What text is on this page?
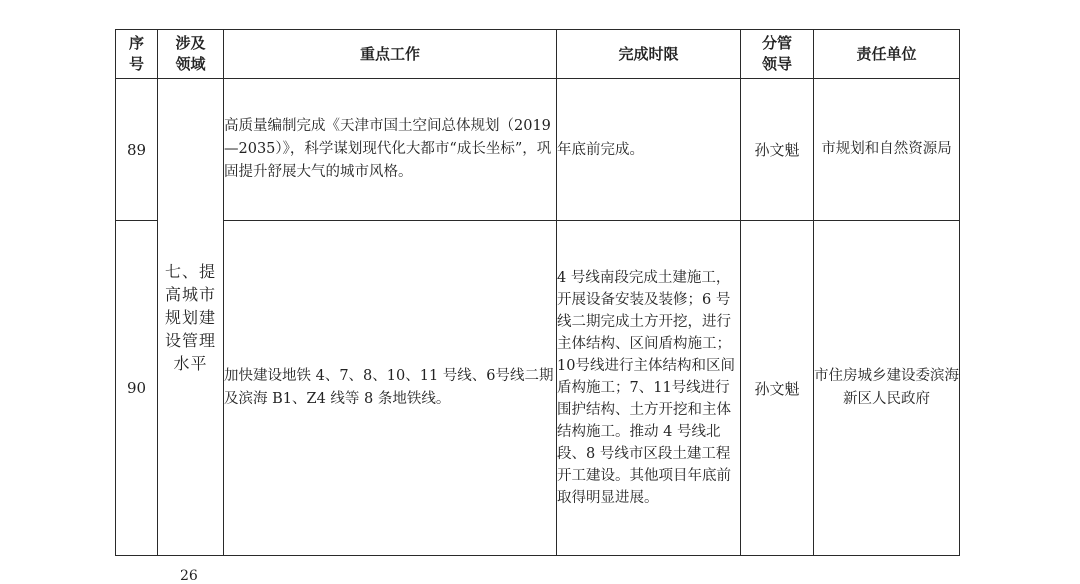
序号	涉及领域	重点工作	完成时限	分管领导	责任单位
89	七、提高城市规划建设管理水平	高质量编制完成《天津市国土空间总体规划（2019—2035）》，科学谋划现代化大都市“成长坐标”，巩固提升舒展大气的城市风格。	年底前完成。	孙文魁	市规划和自然资源局
90		加快建设地铁 4、7、8、10、11 号线、6号线二期及滨海 B1、Z4 线等 8 条地铁线。	4 号线南段完成土建施工，开展设备安装及装修；6 号线二期完成土方开挖，进行主体结构、区间盾构施工；10号线进行主体结构和区间盾构施工；7、11号线进行围护结构、土方开挖和主体结构施工。推动 4 号线北段、8 号线市区段土建工程开工建设。其他项目年底前取得明显进展。	孙文魁	市住房城乡建设委滨海新区人民政府
26
